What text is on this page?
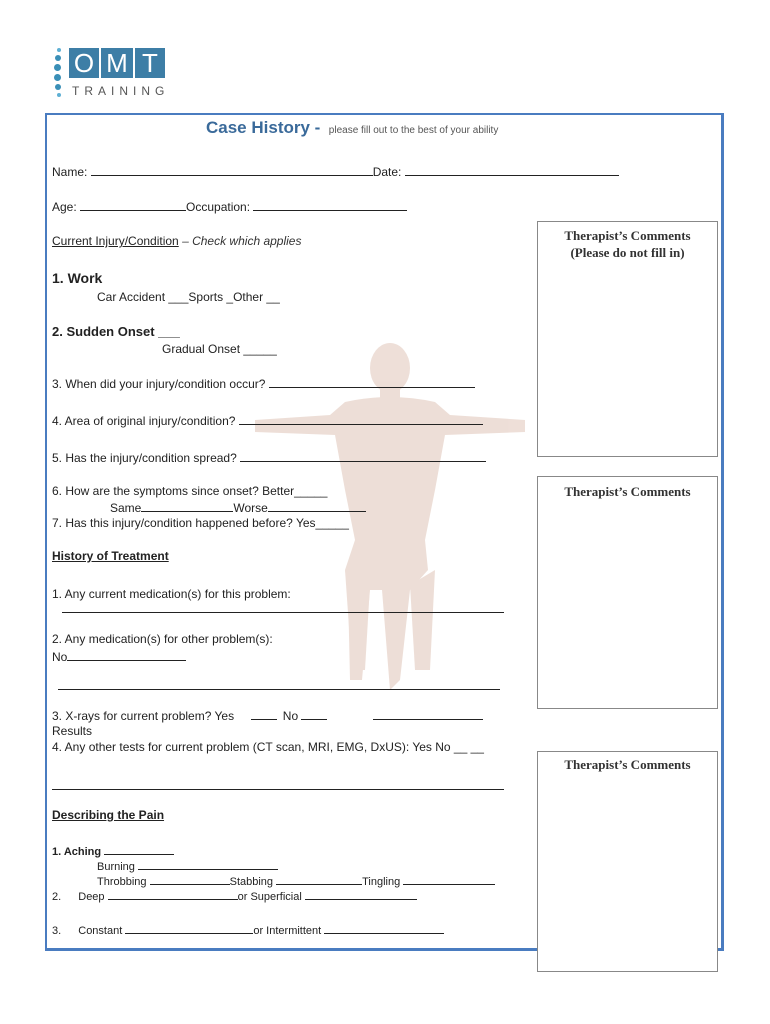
O M T
TRAINING
Case History - please fill out to the best of your ability
Name:	Date:
Age:	Occupation:
Current Injury/Condition – Check which applies
1. Work
Car Accident ___Sports _Other __
2. Sudden Onset ___
Gradual Onset _____
3. When did your injury/condition occur?
4. Area of original injury/condition?
5. Has the injury/condition spread?
6. How are the symptoms since onset? Better_____
Same	Worse
7. Has this injury/condition happened before? Yes_____
History of Treatment
1. Any current medication(s) for this problem:
2. Any medication(s) for other problem(s):
No
3. X-rays for current problem? Yes	No
Results
4. Any other tests for current problem (CT scan, MRI, EMG, DxUS): Yes No __ __
Describing the Pain
1. Aching
Burning
Throbbing	Stabbing	Tingling
2. Deep	or Superficial
3. Constant	or Intermittent
Therapist’s Comments
(Please do not fill in)
Therapist’s Comments
Therapist’s Comments
